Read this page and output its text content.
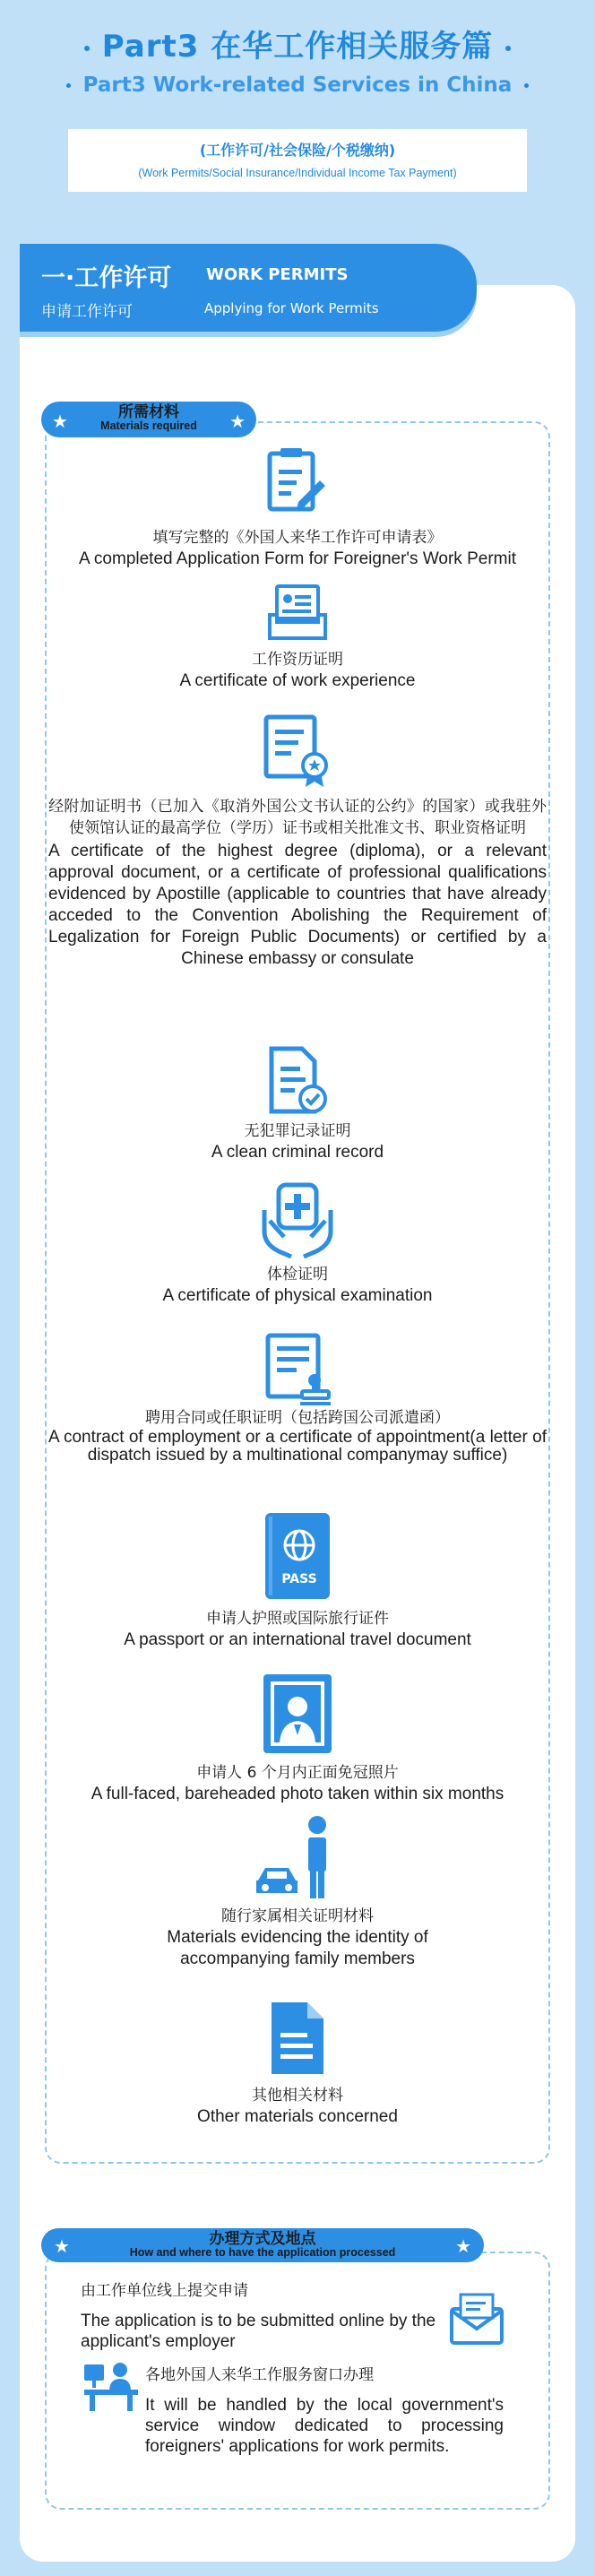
Part3 在华工作相关服务篇
Part3 Work-related Services in China
(工作许可/社会保险/个税缴纳)
(Work Permits/Social Insurance/Individual Income Tax Payment)
一·工作许可 WORK PERMITS
申请工作许可	Applying for Work Permits
★	所需材料
Materials required	★
填写完整的《外国人来华工作许可申请表》
A completed Application Form for Foreigner's Work Permit
工作资历证明
A certificate of work experience
经附加证明书（已加入《取消外国公文书认证的公约》的国家）或我驻外使领馆认证的最高学位（学历）证书或相关批准文书、职业资格证明
A certificate of the highest degree (diploma), or a relevant approval document, or a certificate of professional qualifications evidenced by Apostille (applicable to countries that have already acceded to the Convention Abolishing the Requirement of Legalization for Foreign Public Documents) or certified by a Chinese embassy or consulate
无犯罪记录证明
A clean criminal record
体检证明
A certificate of physical examination
聘用合同或任职证明（包括跨国公司派遣函）
A contract of employment or a certificate of appointment(a letter of dispatch issued by a multinational companymay suffice)
PASS
申请人护照或国际旅行证件
A passport or an international travel document
申请人 6 个月内正面免冠照片
A full-faced, bareheaded photo taken within six months
随行家属相关证明材料
Materials evidencing the identity of accompanying family members
其他相关材料
Other materials concerned
★	办理方式及地点
How and where to have the application processed	★
由工作单位线上提交申请
The application is to be submitted online by the applicant's employer
各地外国人来华工作服务窗口办理
It will be handled by the local government's service window dedicated to processing foreigners' applications for work permits.
